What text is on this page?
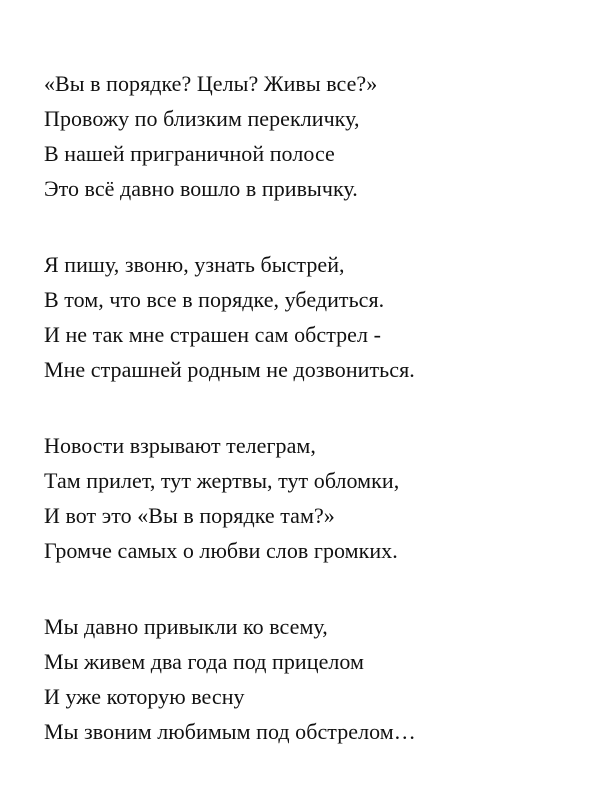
«Вы в порядке? Целы? Живы все?»
Провожу по близким перекличку,
В нашей приграничной полосе
Это всё давно вошло в привычку.
Я пишу, звоню, узнать быстрей,
В том, что все в порядке, убедиться.
И не так мне страшен сам обстрел -
Мне страшней родным не дозвониться.
Новости взрывают телеграм,
Там прилет, тут жертвы, тут обломки,
И вот это «Вы в порядке там?»
Громче самых о любви слов громких.
Мы давно привыкли ко всему,
Мы живем два года под прицелом
И уже которую весну
Мы звоним любимым под обстрелом…
